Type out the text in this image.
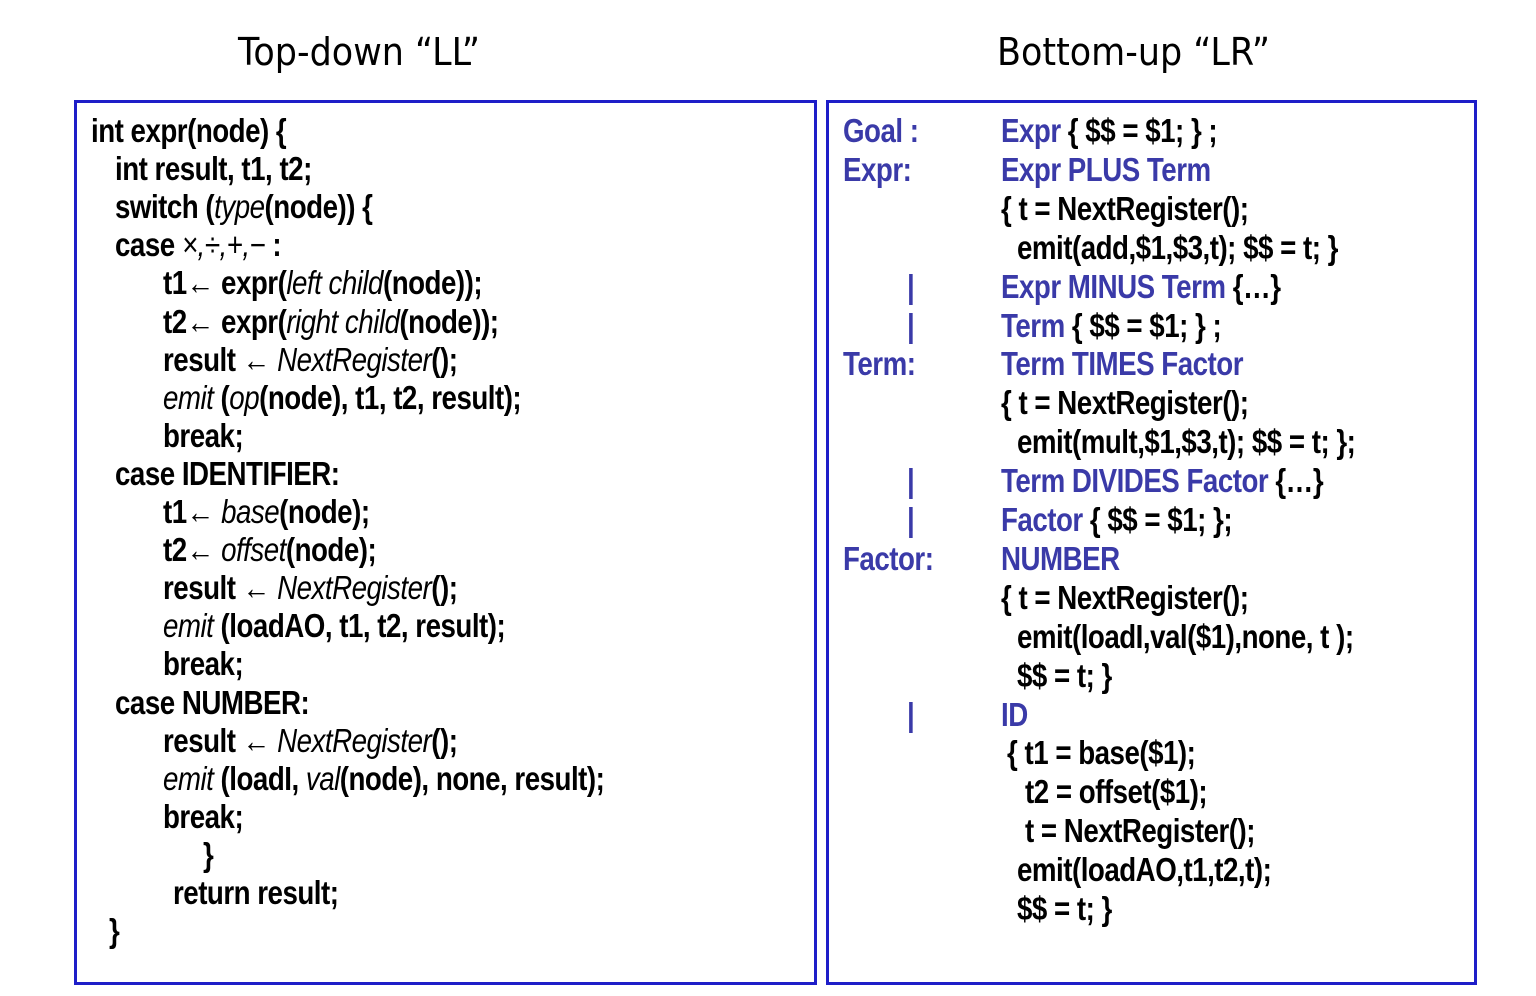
Top-down “LL”	Bottom-up “LR”
int expr(node) {
int result, t1, t2;
switch (type(node)) {
case ×,÷,+,− :
t1← expr(left child(node));
t2← expr(right child(node));
result ← NextRegister();
emit (op(node), t1, t2, result);
break;
case IDENTIFIER:
t1← base(node);
t2← offset(node);
result ← NextRegister();
emit (loadAO, t1, t2, result);
break;
case NUMBER:
result ← NextRegister();
emit (loadI, val(node), none, result);
break;
}
return result;
}
Goal : Expr { $$ = $1; } ;
Expr:	Expr PLUS Term
{ t = NextRegister();
emit(add,$1,$3,t); $$ = t; }
|	Expr MINUS Term {…}
|	Term { $$ = $1; } ;
Term:	Term TIMES Factor
{ t = NextRegister();
emit(mult,$1,$3,t); $$ = t; };
|	Term DIVIDES Factor {…}
|	Factor { $$ = $1; };
Factor: NUMBER
{ t = NextRegister();
emit(loadI,val($1),none, t );
$$ = t; }
|	ID
{ t1 = base($1);
t2 = offset($1);
t = NextRegister();
emit(loadAO,t1,t2,t);
$$ = t; }
